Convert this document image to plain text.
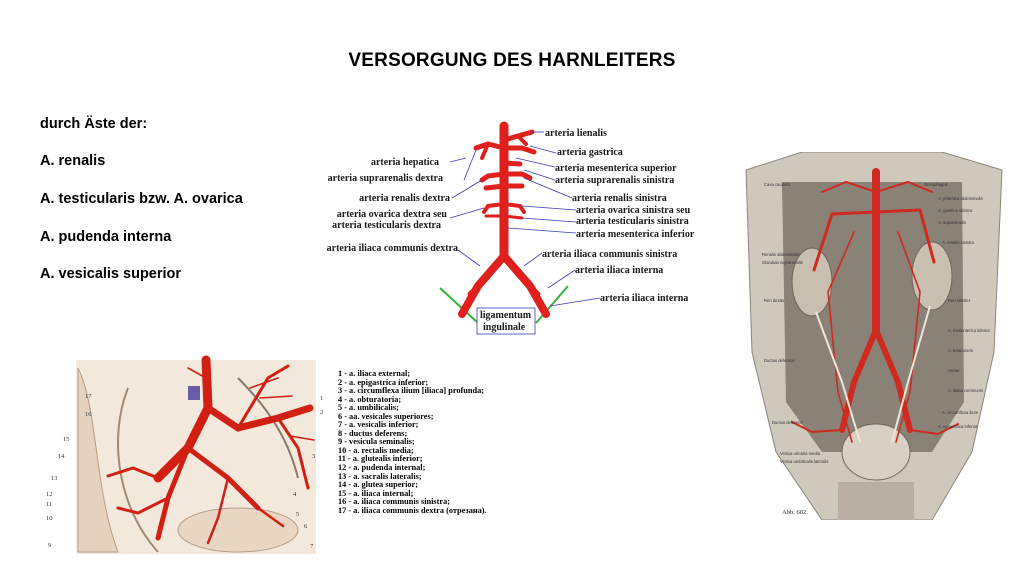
VERSORGUNG DES HARNLEITERS
durch Äste der:
A. renalis
A. testicularis bzw. A. ovarica
A. pudenda interna
A. vesicalis superior
arteria lienalis
arteria gastrica
arteria mesenterica superior
arteria suprarenalis sinistra
arteria renalis sinistra
arteria ovarica sinistra seu
arteria testicularis sinistra
arteria mesenterica inferior
arteria iliaca communis sinistra
arteria iliaca interna
arteria iliaca interna
arteria hepatica
arteria suprarenalis dextra
arteria renalis dextra
arteria ovarica dextra seu
arteria testicularis dextra
arteria iliaca communis dextra
ligamentum
ingulinale
17
16
15
14
13
12
11
10
9
1
2
3
4
5
6
7
1 - a. iliaca external;
2 - a. epigastrica inferior;
3 - a. circumflexa ilium [iliaca] profunda;
4 - a. obturatoria;
5 - a. umbilicalis;
6 - aa. vesicales superiores;
7 - a. vesicalis inferior;
8 - ductus deferens;
9 - vesicula seminalis;
10 - a. rectalis media;
11 - a. glutealis inferior;
12 - a. pudenda internal;
13 - a. sacralis lateralis;
14 - a. glutea superior;
15 - a. iliaca internal;
16 - a. iliaca communis sinistra;
17 - a. iliaca communis dextra (отрезана).
Cava caudalis
Renalis abdominalis
Glandula suprarenalis
Ren dexter
Ductus deferens
Ductus deferens
Vesica urinaria media
Vesica umbilicalis lateralis
Oesophagus
A. phrenica abdominalis
A. gastrica sinistra
A. suprarenalis
A. renalis sinistra
Ren sinister
A. mesenterica inferior
A. testicularis
Ureter
A. iliaca communis
A. circumflexa ilium
A. epigastrica inferior
Abb. 602.
